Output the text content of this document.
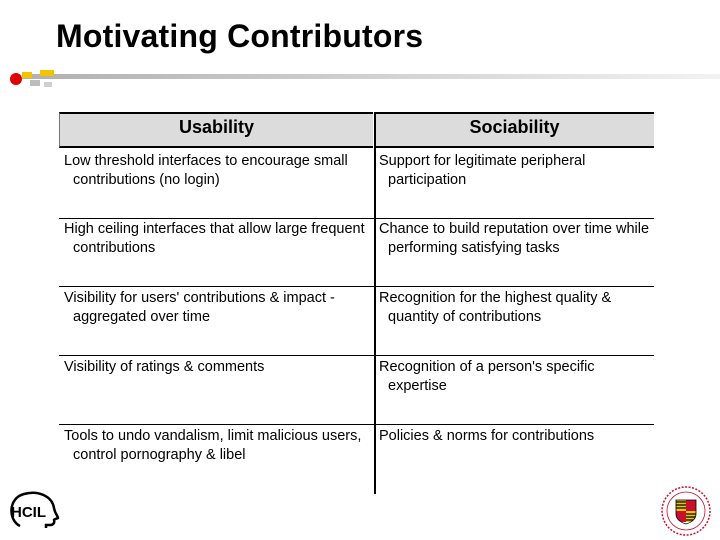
Motivating Contributors
Usability	Sociability
Low threshold interfaces to encourage small contributions (no login)
Support for legitimate peripheral participation
High ceiling interfaces that allow large frequent contributions
Chance to build reputation over time while performing satisfying tasks
Visibility for users' contributions & impact - aggregated over time
Recognition for the highest quality & quantity of contributions
Visibility of ratings & comments	Recognition of a person's specific expertise
Tools to undo vandalism, limit malicious users, control pornography & libel
Policies & norms for contributions
HCIL
